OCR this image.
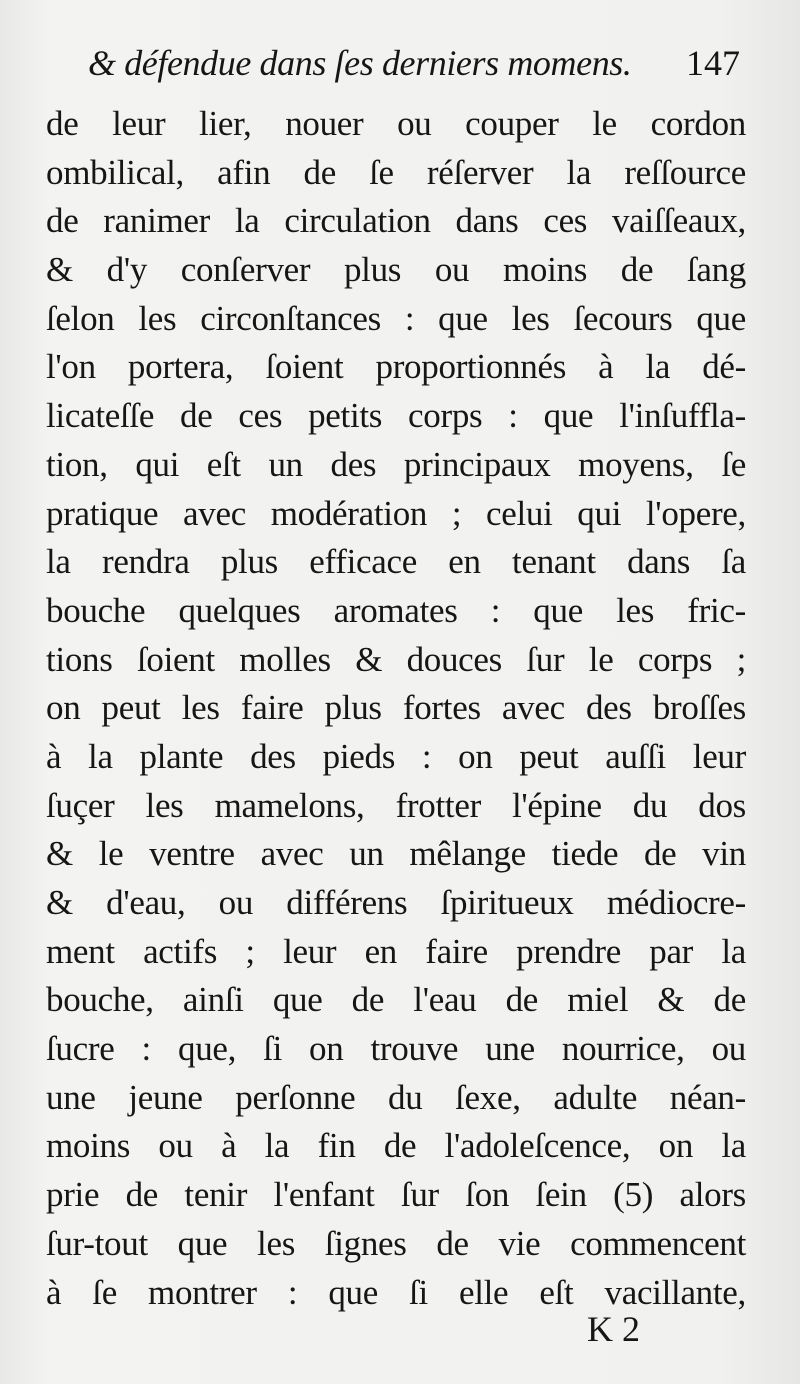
& défendue dans ſes derniers momens. 147
de leur lier, nouer ou couper le cordon
ombilical, afin de ſe réſerver la reſſource
de ranimer la circulation dans ces vaiſſeaux,
& d'y conſerver plus ou moins de ſang
ſelon les circonſtances : que les ſecours que
l'on portera, ſoient proportionnés à la dé-
licateſſe de ces petits corps : que l'inſuffla-
tion, qui eſt un des principaux moyens, ſe
pratique avec modération ; celui qui l'opere,
la rendra plus efficace en tenant dans ſa
bouche quelques aromates : que les fric-
tions ſoient molles & douces ſur le corps ;
on peut les faire plus fortes avec des broſſes
à la plante des pieds : on peut auſſi leur
ſuçer les mamelons, frotter l'épine du dos
& le ventre avec un mêlange tiede de vin
& d'eau, ou différens ſpiritueux médiocre-
ment actifs ; leur en faire prendre par la
bouche, ainſi que de l'eau de miel & de
ſucre : que, ſi on trouve une nourrice, ou
une jeune perſonne du ſexe, adulte néan-
moins ou à la fin de l'adoleſcence, on la
prie de tenir l'enfant ſur ſon ſein (5) alors
ſur-tout que les ſignes de vie commencent
à ſe montrer : que ſi elle eſt vacillante,
K 2
